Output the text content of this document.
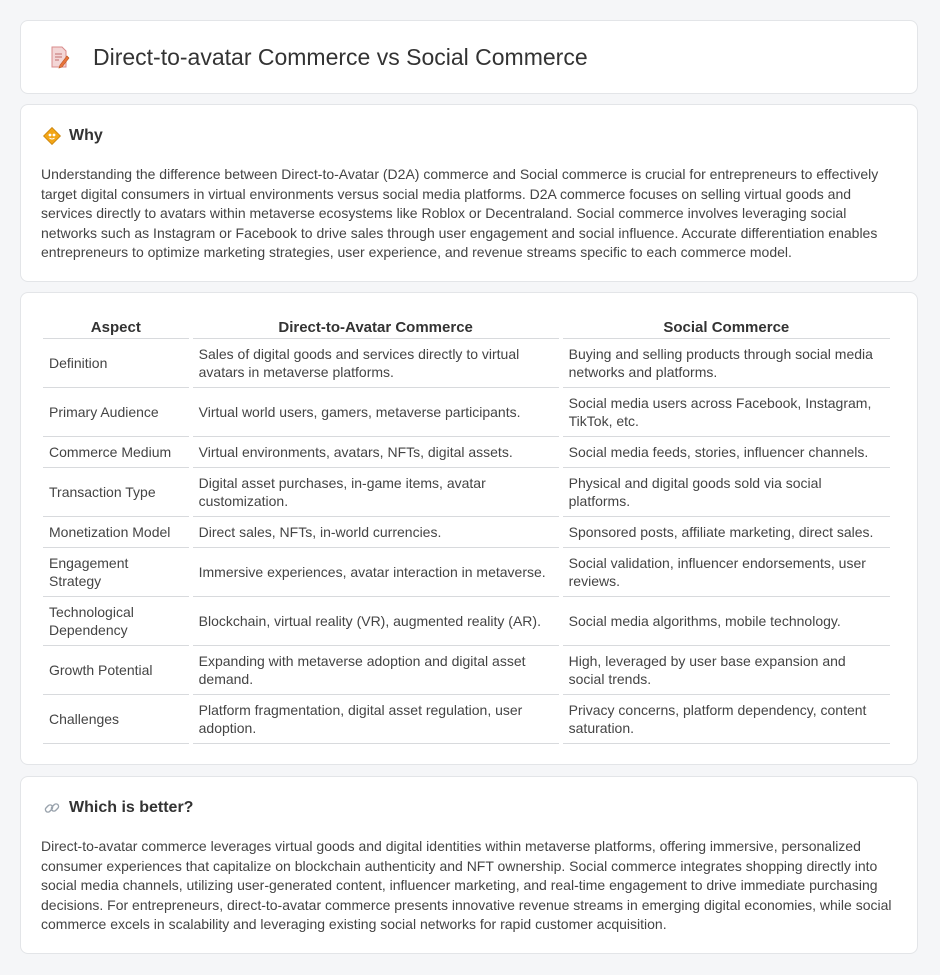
Direct-to-avatar Commerce vs Social Commerce
Why

Understanding the difference between Direct-to-Avatar (D2A) commerce and Social commerce is crucial for entrepreneurs to effectively target digital consumers in virtual environments versus social media platforms. D2A commerce focuses on selling virtual goods and services directly to avatars within metaverse ecosystems like Roblox or Decentraland. Social commerce involves leveraging social networks such as Instagram or Facebook to drive sales through user engagement and social influence. Accurate differentiation enables entrepreneurs to optimize marketing strategies, user experience, and revenue streams specific to each commerce model.

Aspect	Direct-to-Avatar Commerce	Social Commerce
Definition	Sales of digital goods and services directly to virtual avatars in metaverse platforms.	Buying and selling products through social media networks and platforms.
Primary Audience	Virtual world users, gamers, metaverse participants.	Social media users across Facebook, Instagram, TikTok, etc.
Commerce Medium	Virtual environments, avatars, NFTs, digital assets.	Social media feeds, stories, influencer channels.
Transaction Type	Digital asset purchases, in-game items, avatar customization.	Physical and digital goods sold via social platforms.
Monetization Model	Direct sales, NFTs, in-world currencies.	Sponsored posts, affiliate marketing, direct sales.
Engagement Strategy	Immersive experiences, avatar interaction in metaverse.	Social validation, influencer endorsements, user reviews.
Technological Dependency	Blockchain, virtual reality (VR), augmented reality (AR).	Social media algorithms, mobile technology.
Growth Potential	Expanding with metaverse adoption and digital asset demand.	High, leveraged by user base expansion and social trends.
Challenges	Platform fragmentation, digital asset regulation, user adoption.	Privacy concerns, platform dependency, content saturation.
Which is better?

Direct-to-avatar commerce leverages virtual goods and digital identities within metaverse platforms, offering immersive, personalized consumer experiences that capitalize on blockchain authenticity and NFT ownership. Social commerce integrates shopping directly into social media channels, utilizing user-generated content, influencer marketing, and real-time engagement to drive immediate purchasing decisions. For entrepreneurs, direct-to-avatar commerce presents innovative revenue streams in emerging digital economies, while social commerce excels in scalability and leveraging existing social networks for rapid customer acquisition.
